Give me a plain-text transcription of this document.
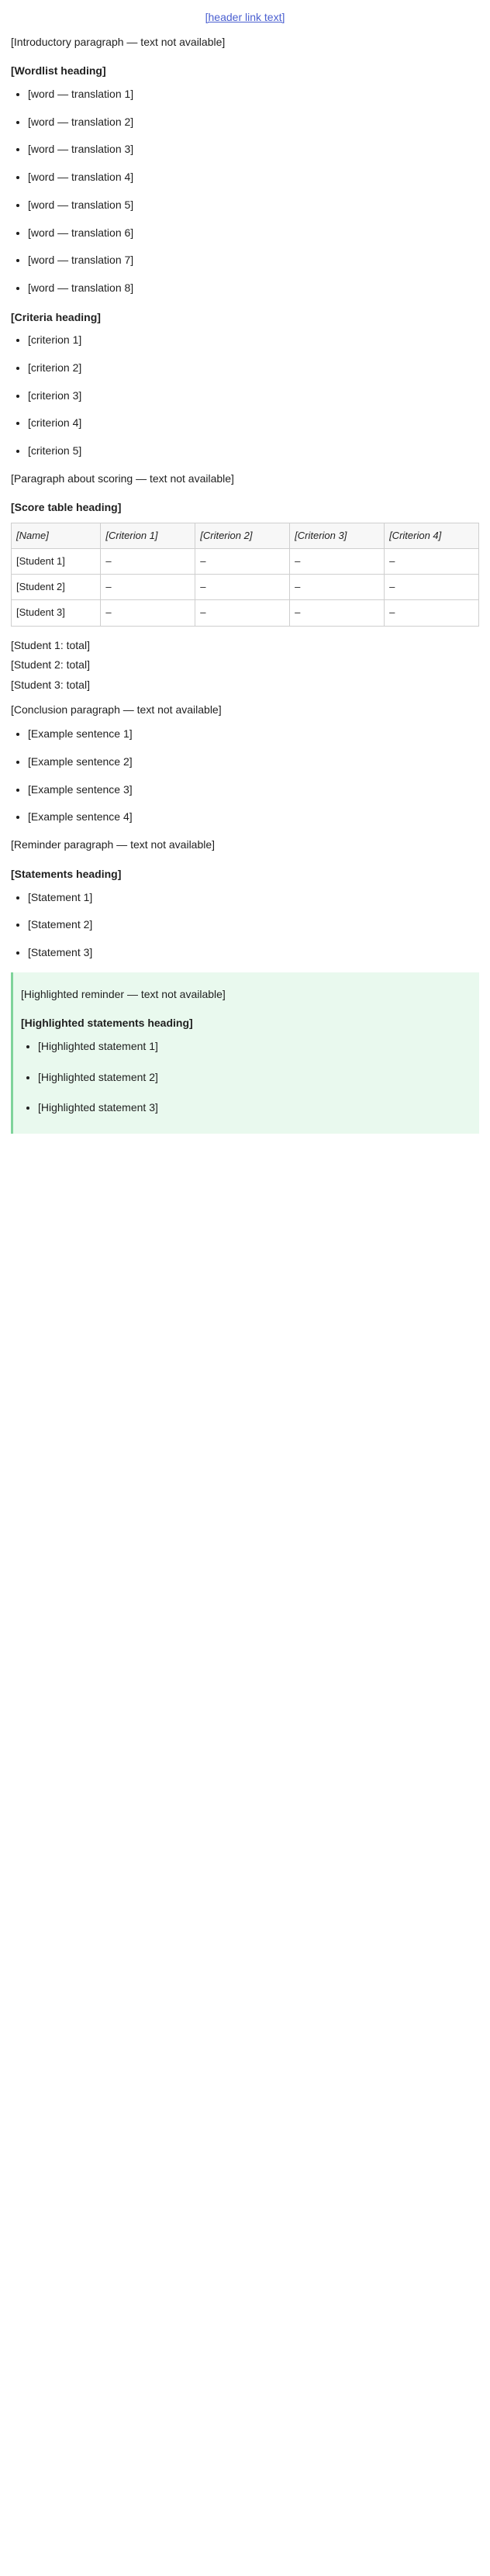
[header link text]

[Introductory paragraph — text not available]

[Wordlist heading]
• [word — translation 1]
• [word — translation 2]
• [word — translation 3]
• [word — translation 4]
• [word — translation 5]
• [word — translation 6]
• [word — translation 7]
• [word — translation 8]
[Criteria heading]
• [criterion 1]
• [criterion 2]
• [criterion 3]
• [criterion 4]
• [criterion 5]

[Paragraph about scoring — text not available]

[Score table heading]
[Name]	[Criterion 1]	[Criterion 2]	[Criterion 3]	[Criterion 4]
[Student 1]	–	–	–	–
[Student 2]	–	–	–	–
[Student 3]	–	–	–	–

[Student 1: total]

[Student 2: total]

[Student 3: total]

[Conclusion paragraph — text not available]

• [Example sentence 1]
• [Example sentence 2]
• [Example sentence 3]
• [Example sentence 4]

[Reminder paragraph — text not available]

[Statements heading]
• [Statement 1]
• [Statement 2]
• [Statement 3]

[Highlighted reminder — text not available]

[Highlighted statements heading]
• [Highlighted statement 1]
• [Highlighted statement 2]
• [Highlighted statement 3]
